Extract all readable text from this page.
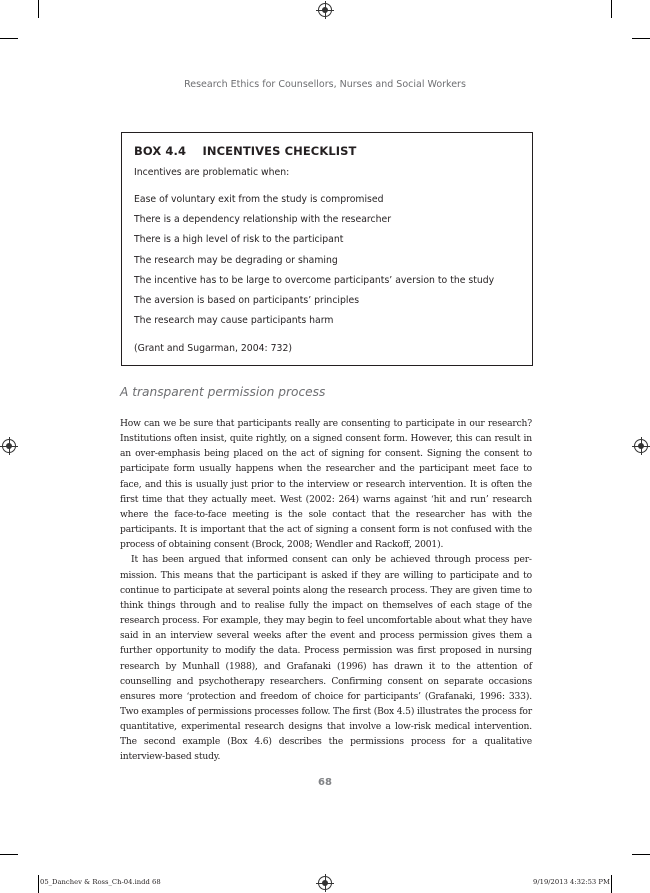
Research Ethics for Counsellors, Nurses and Social Workers
BOX 4.4 INCENTIVES CHECKLIST
Incentives are problematic when:
Ease of voluntary exit from the study is compromised
There is a dependency relationship with the researcher
There is a high level of risk to the participant
The research may be degrading or shaming
The incentive has to be large to overcome participants’ aversion to the study
The aversion is based on participants’ principles
The research may cause participants harm
(Grant and Sugarman, 2004: 732)
A transparent permission process

How can we be sure that participants really are consenting to participate in our research? Institutions often insist, quite rightly, on a signed consent form. However, this can result in an over-emphasis being placed on the act of signing for consent. Signing the consent to participate form usually happens when the researcher and the participant meet face to face, and this is usually just prior to the interview or research intervention. It is often the first time that they actually meet. West (2002: 264) warns against ‘hit and run’ research where the face-to-face meeting is the sole contact that the researcher has with the participants. It is important that the act of signing a consent form is not confused with the process of obtaining consent (Brock, 2008; Wendler and Rackoff, 2001).

It has been argued that informed consent can only be achieved through process permission. This means that the participant is asked if they are willing to participate and to continue to participate at several points along the research process. They are given time to think things through and to realise fully the impact on themselves of each stage of the research process. For example, they may begin to feel uncomfortable about what they have said in an interview several weeks after the event and process permission gives them a further opportunity to modify the data. Process permission was first proposed in nursing research by Munhall (1988), and Grafanaki (1996) has drawn it to the attention of counselling and psychotherapy researchers. Confirming consent on separate occasions ensures more ‘protection and freedom of choice for participants’ (Grafanaki, 1996: 333). Two examples of permissions processes follow. The first (Box 4.5) illustrates the process for quantitative, experimental research designs that involve a low-risk medical intervention. The second example (Box 4.6) describes the permissions process for a qualitative interview-based study.

68
05_Danchev & Ross_Ch-04.indd 68	9/19/2013 4:32:53 PM
